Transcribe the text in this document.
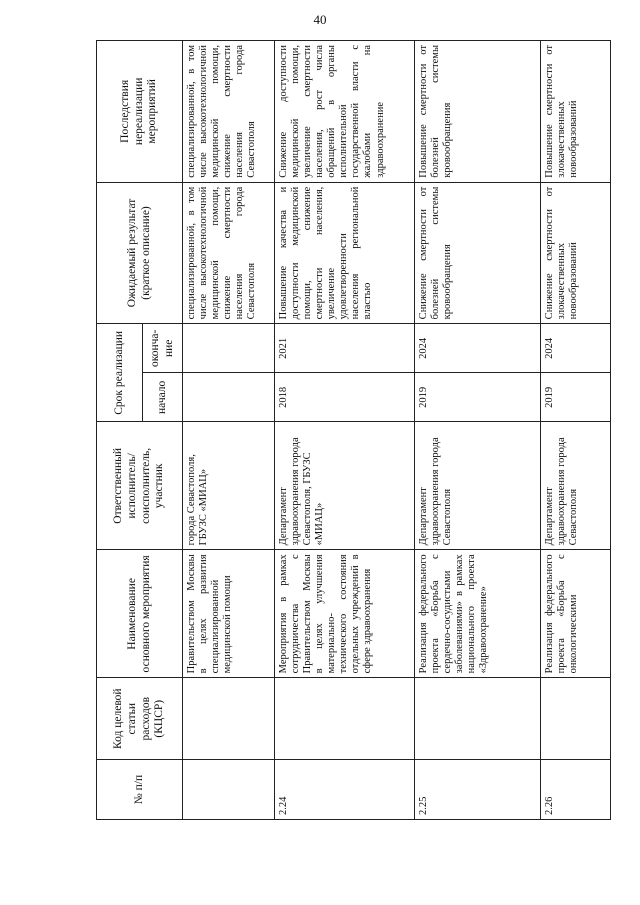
40
№ п/п	Код целевой статьи расходов (КЦСР)	Наименование основного мероприятия	Ответственный исполнитель/ соисполнитель, участник	Срок реализации		Ожидаемый результат (краткое описание)	Последствия нереализации мероприятий
				начало	оконча-ние		
		Правительством Москвы в целях развития специализированной медицинской помощи	города Севастополя, ГБУЗС «МИАЦ»			специализированной, в том числе высокотехнологичной медицинской помощи, снижение смертности населения города Севастополя	специализированной, в том числе высокотехнологичной медицинской помощи, снижение смертности населения города Севастополя
2.24		Мероприятия в рамках сотрудничества с Правительством Москвы в целях улучшения материально-технического состояния отдельных учреждений в сфере здравоохранения	Департамент здравоохранения города Севастополя, ГБУЗС «МИАЦ»	2018	2021	Повышение качества и доступности медицинской помощи, снижение смертности населения, увеличение удовлетворенности населения региональной властью	Снижение доступности медицинской помощи, увеличение смертности населения, рост числа обращений в органы исполнительной государственной власти с жалобами на здравоохранение
2.25		Реализация федерального проекта «Борьба с сердечно-сосудистыми заболеваниями» в рамках национального проекта «Здравоохранение»	Департамент здравоохранения города Севастополя	2019	2024	Снижение смертности от болезней системы кровообращения	Повышение смертности от болезней системы кровообращения
2.26		Реализация федерального проекта «Борьба с онкологическими	Департамент здравоохранения города Севастополя	2019	2024	Снижение смертности от злокачественных новообразований	Повышение смертности от злокачественных новообразований
